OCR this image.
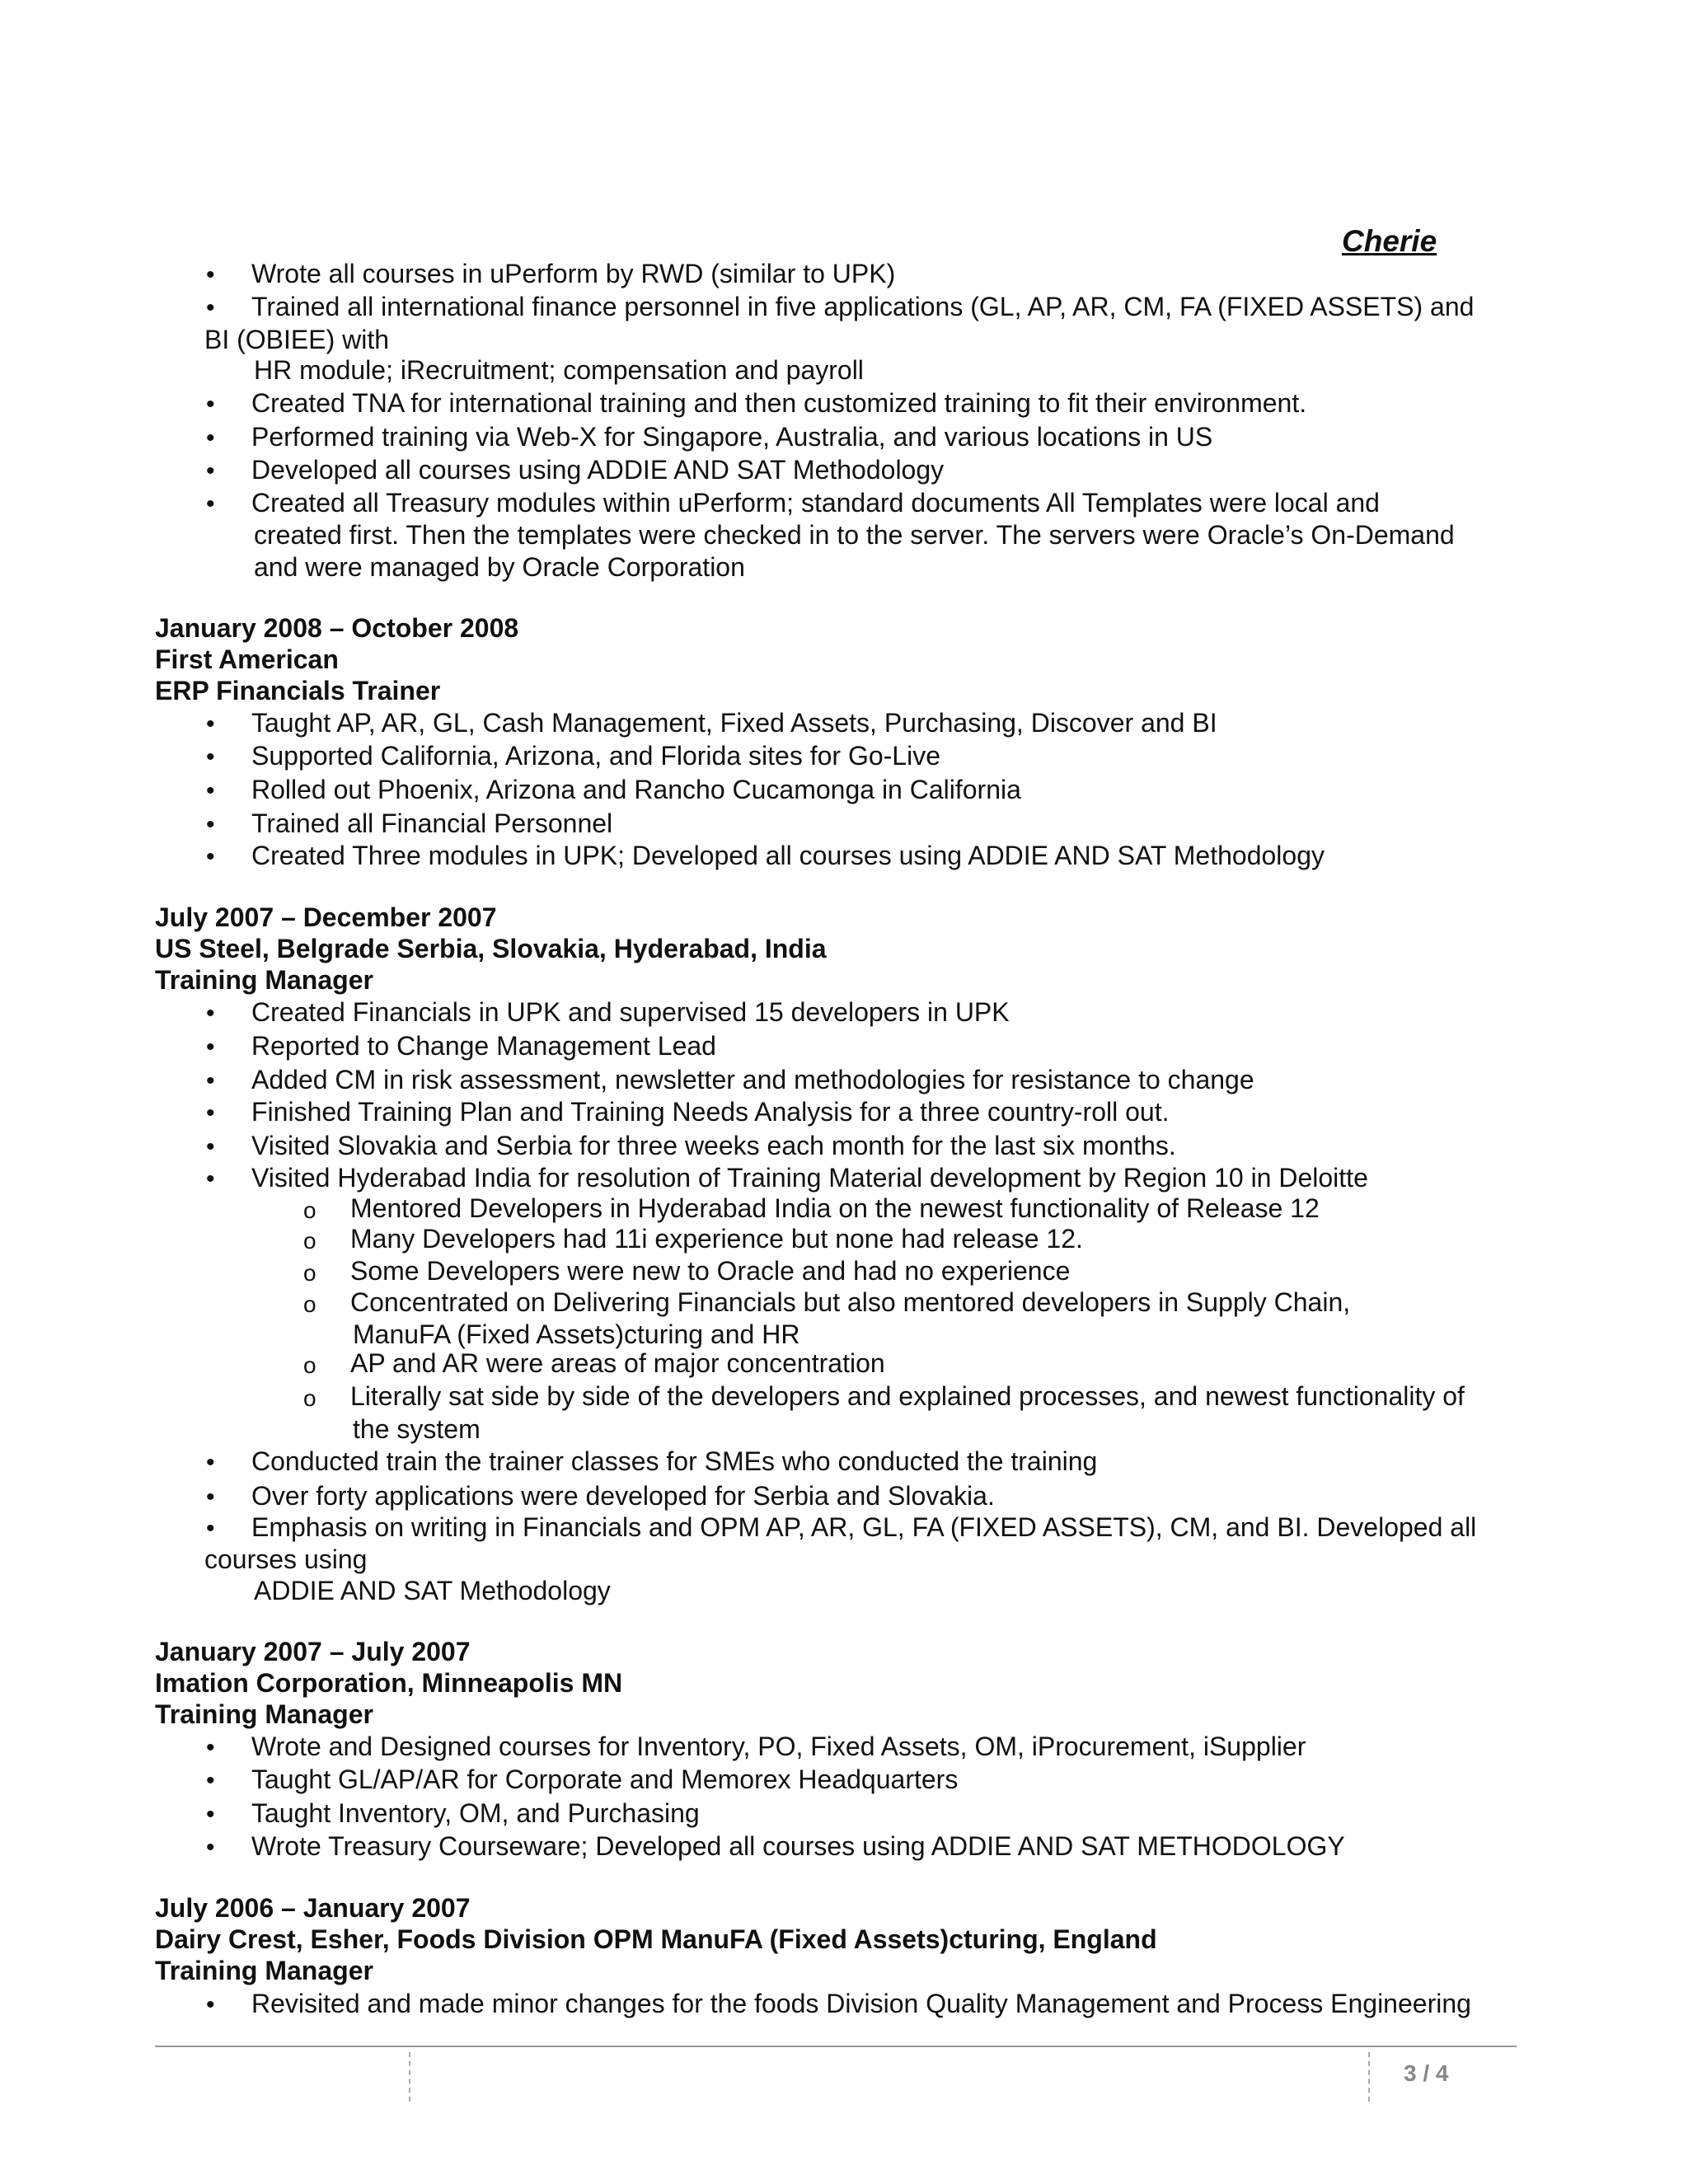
Cherie
• Wrote all courses in uPerform by RWD (similar to UPK)
• Trained all international finance personnel in five applications (GL, AP, AR, CM, FA (FIXED ASSETS) and
BI (OBIEE) with
HR module; iRecruitment; compensation and payroll
• Created TNA for international training and then customized training to fit their environment.
• Performed training via Web-X for Singapore, Australia, and various locations in US
• Developed all courses using ADDIE AND SAT Methodology
• Created all Treasury modules within uPerform; standard documents All Templates were local and
created first. Then the templates were checked in to the server. The servers were Oracle’s On-Demand
and were managed by Oracle Corporation
January 2008 – October 2008
First American
ERP Financials Trainer
• Taught AP, AR, GL, Cash Management, Fixed Assets, Purchasing, Discover and BI
• Supported California, Arizona, and Florida sites for Go-Live
• Rolled out Phoenix, Arizona and Rancho Cucamonga in California
• Trained all Financial Personnel
• Created Three modules in UPK; Developed all courses using ADDIE AND SAT Methodology
July 2007 – December 2007
US Steel, Belgrade Serbia, Slovakia, Hyderabad, India
Training Manager
• Created Financials in UPK and supervised 15 developers in UPK
• Reported to Change Management Lead
• Added CM in risk assessment, newsletter and methodologies for resistance to change
• Finished Training Plan and Training Needs Analysis for a three country-roll out.
• Visited Slovakia and Serbia for three weeks each month for the last six months.
• Visited Hyderabad India for resolution of Training Material development by Region 10 in Deloitte
o Mentored Developers in Hyderabad India on the newest functionality of Release 12
o Many Developers had 11i experience but none had release 12.
o Some Developers were new to Oracle and had no experience
o Concentrated on Delivering Financials but also mentored developers in Supply Chain,
ManuFA (Fixed Assets)cturing and HR
o AP and AR were areas of major concentration
o Literally sat side by side of the developers and explained processes, and newest functionality of
the system
• Conducted train the trainer classes for SMEs who conducted the training
• Over forty applications were developed for Serbia and Slovakia.
• Emphasis on writing in Financials and OPM AP, AR, GL, FA (FIXED ASSETS), CM, and BI. Developed all
courses using
ADDIE AND SAT Methodology
January 2007 – July 2007
Imation Corporation, Minneapolis MN
Training Manager
• Wrote and Designed courses for Inventory, PO, Fixed Assets, OM, iProcurement, iSupplier
• Taught GL/AP/AR for Corporate and Memorex Headquarters
• Taught Inventory, OM, and Purchasing
• Wrote Treasury Courseware; Developed all courses using ADDIE AND SAT METHODOLOGY
July 2006 – January 2007
Dairy Crest, Esher, Foods Division OPM ManuFA (Fixed Assets)cturing, England
Training Manager
• Revisited and made minor changes for the foods Division Quality Management and Process Engineering
3 / 4
